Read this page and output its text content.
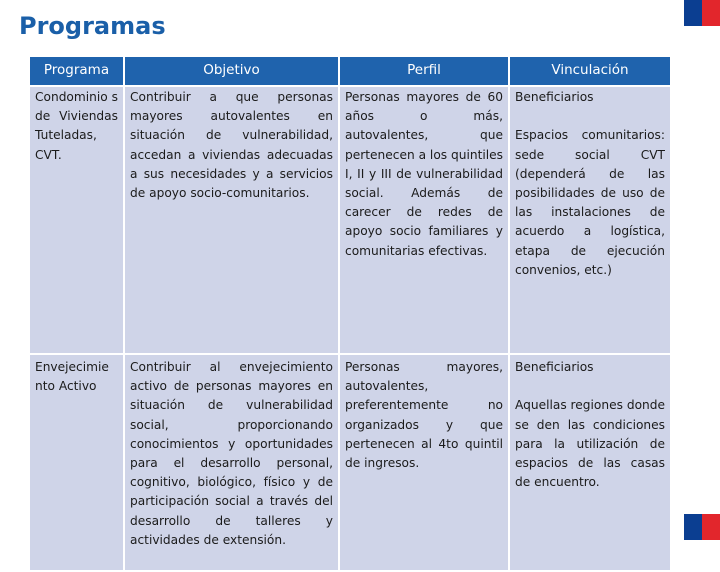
Programas
Programa	Objetivo	Perfil	Vinculación
Condominio s de Viviendas Tuteladas, CVT.	Contribuir a que personas mayores autovalentes en situación de vulnerabilidad, accedan a viviendas adecuadas a sus necesidades y a servicios de apoyo socio-comunitarios.	Personas mayores de 60 años o más, autovalentes, que pertenecen a los quintiles I, II y III de vulnerabilidad social. Además de carecer de redes de apoyo socio familiares y comunitarias efectivas.	Beneficiarios
Espacios comunitarios: sede social CVT (dependerá de las posibilidades de uso de las instalaciones de acuerdo a logística, etapa de ejecución convenios, etc.)
Envejecimie nto Activo	Contribuir al envejecimiento activo de personas mayores en situación de vulnerabilidad social, proporcionando conocimientos y oportunidades para el desarrollo personal, cognitivo, biológico, físico y de participación social a través del desarrollo de talleres y actividades de extensión.	Personas mayores, autovalentes, preferentemente no organizados y que pertenecen al 4to quintil de ingresos.	Beneficiarios
Aquellas regiones donde se den las condiciones para la utilización de espacios de las casas de encuentro.
